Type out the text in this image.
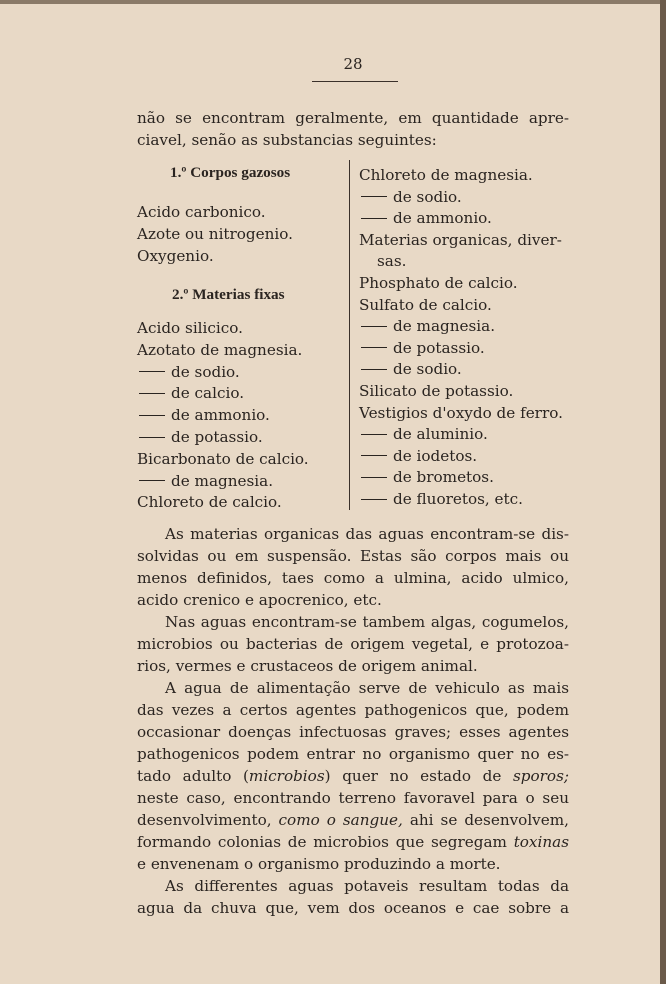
28
não se encontram geralmente, em quantidade apre-
ciavel, senão as substancias seguintes:
1.º Corpos gazosos
Acido carbonico.
Azote ou nitrogenio.
Oxygenio.
2.º Materias fixas
Acido silicico.
Azotato de magnesia.
de sodio.
de calcio.
de ammonio.
de potassio.
Bicarbonato de calcio.
de magnesia.
Chloreto de calcio.
Chloreto de magnesia.
de sodio.
de ammonio.
Materias organicas, diver-
sas.
Phosphato de calcio.
Sulfato de calcio.
de magnesia.
de potassio.
de sodio.
Silicato de potassio.
Vestigios d'oxydo de ferro.
de aluminio.
de iodetos.
de brometos.
de fluoretos, etc.
As materias organicas das aguas encontram-se dis-
solvidas ou em suspensão. Estas são corpos mais ou
menos definidos, taes como a ulmina, acido ulmico,
acido crenico e apocrenico, etc.
Nas aguas encontram-se tambem algas, cogumelos,
microbios ou bacterias de origem vegetal, e protozoa-
rios, vermes e crustaceos de origem animal.
A agua de alimentação serve de vehiculo as mais
das vezes a certos agentes pathogenicos que, podem
occasionar doenças infectuosas graves; esses agentes
pathogenicos podem entrar no organismo quer no es-
tado adulto (microbios) quer no estado de sporos;
neste caso, encontrando terreno favoravel para o seu
desenvolvimento, como o sangue, ahi se desenvolvem,
formando colonias de microbios que segregam toxinas
e envenenam o organismo produzindo a morte.
As differentes aguas potaveis resultam todas da
agua da chuva que, vem dos oceanos e cae sobre a
